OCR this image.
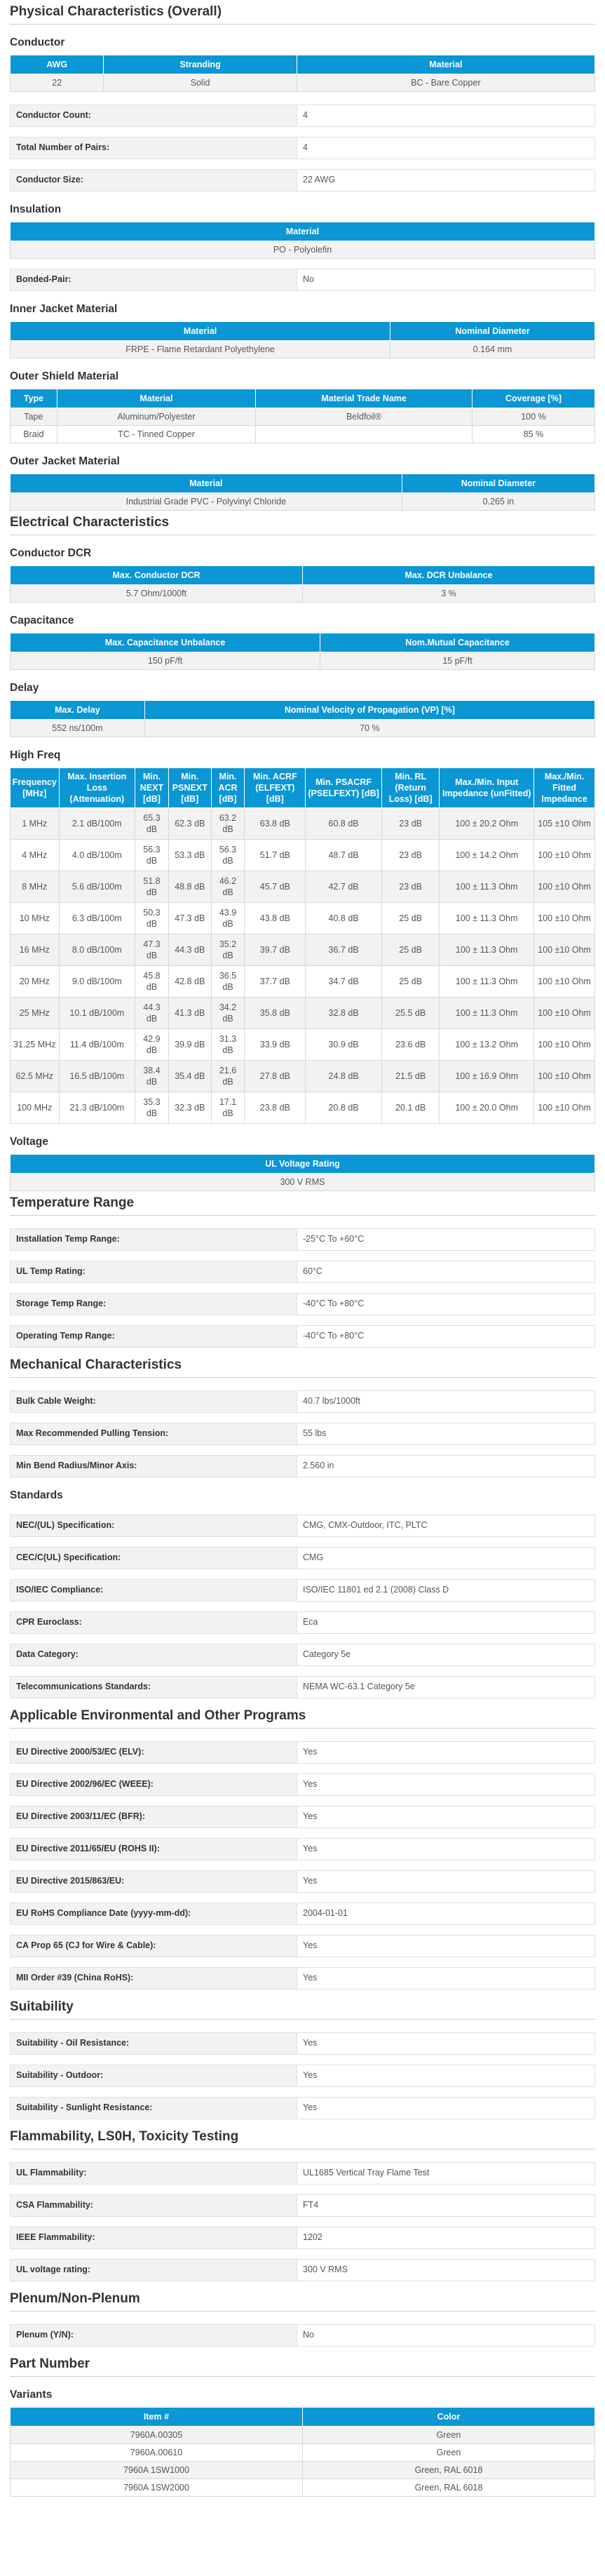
Physical Characteristics (Overall)
Conductor
AWG	Stranding	Material
22	Solid	BC - Bare Copper
Conductor Count:	4
Total Number of Pairs:	4
Conductor Size:	22 AWG
Insulation
Material
PO - Polyolefin
Bonded-Pair:	No
Inner Jacket Material
Material	Nominal Diameter
FRPE - Flame Retardant Polyethylene	0.164 mm
Outer Shield Material
Type	Material	Material Trade Name	Coverage [%]
Tape	Aluminum/Polyester	Beldfoil®	100 %
Braid	TC - Tinned Copper		85 %
Outer Jacket Material
Material	Nominal Diameter
Industrial Grade PVC - Polyvinyl Chloride	0.265 in
Electrical Characteristics
Conductor DCR
Max. Conductor DCR	Max. DCR Unbalance
5.7 Ohm/1000ft	3 %
Capacitance
Max. Capacitance Unbalance	Nom.Mutual Capacitance
150 pF/ft	15 pF/ft
Delay
Max. Delay	Nominal Velocity of Propagation (VP) [%]
552 ns/100m	70 %
High Freq
Frequency [MHz]	Max. Insertion Loss (Attenuation)	Min. NEXT [dB]	Min. PSNEXT [dB]	Min. ACR [dB]	Min. ACRF (ELFEXT) [dB]	Min. PSACRF (PSELFEXT) [dB]	Min. RL (Return Loss) [dB]	Max./Min. Input Impedance (unFitted)	Max./Min. Fitted Impedance
1 MHz	2.1 dB/100m	65.3 dB	62.3 dB	63.2 dB	63.8 dB	60.8 dB	23 dB	100 ± 20.2 Ohm	105 ±10 Ohm
4 MHz	4.0 dB/100m	56.3 dB	53.3 dB	56.3 dB	51.7 dB	48.7 dB	23 dB	100 ± 14.2 Ohm	100 ±10 Ohm
8 MHz	5.6 dB/100m	51.8 dB	48.8 dB	46.2 dB	45.7 dB	42.7 dB	23 dB	100 ± 11.3 Ohm	100 ±10 Ohm
10 MHz	6.3 dB/100m	50.3 dB	47.3 dB	43.9 dB	43.8 dB	40.8 dB	25 dB	100 ± 11.3 Ohm	100 ±10 Ohm
16 MHz	8.0 dB/100m	47.3 dB	44.3 dB	35.2 dB	39.7 dB	36.7 dB	25 dB	100 ± 11.3 Ohm	100 ±10 Ohm
20 MHz	9.0 dB/100m	45.8 dB	42.8 dB	36.5 dB	37.7 dB	34.7 dB	25 dB	100 ± 11.3 Ohm	100 ±10 Ohm
25 MHz	10.1 dB/100m	44.3 dB	41.3 dB	34.2 dB	35.8 dB	32.8 dB	25.5 dB	100 ± 11.3 Ohm	100 ±10 Ohm
31.25 MHz	11.4 dB/100m	42.9 dB	39.9 dB	31.3 dB	33.9 dB	30.9 dB	23.6 dB	100 ± 13.2 Ohm	100 ±10 Ohm
62.5 MHz	16.5 dB/100m	38.4 dB	35.4 dB	21.6 dB	27.8 dB	24.8 dB	21.5 dB	100 ± 16.9 Ohm	100 ±10 Ohm
100 MHz	21.3 dB/100m	35.3 dB	32.3 dB	17.1 dB	23.8 dB	20.8 dB	20.1 dB	100 ± 20.0 Ohm	100 ±10 Ohm
Voltage
UL Voltage Rating
300 V RMS
Temperature Range
Installation Temp Range:	-25°C To +60°C
UL Temp Rating:	60°C
Storage Temp Range:	-40°C To +80°C
Operating Temp Range:	-40°C To +80°C
Mechanical Characteristics
Bulk Cable Weight:	40.7 lbs/1000ft
Max Recommended Pulling Tension:	55 lbs
Min Bend Radius/Minor Axis:	2.560 in
Standards
NEC/(UL) Specification:	CMG, CMX-Outdoor, ITC, PLTC
CEC/C(UL) Specification:	CMG
ISO/IEC Compliance:	ISO/IEC 11801 ed 2.1 (2008) Class D
CPR Euroclass:	Eca
Data Category:	Category 5e
Telecommunications Standards:	NEMA WC-63.1 Category 5e
Applicable Environmental and Other Programs
EU Directive 2000/53/EC (ELV):	Yes
EU Directive 2002/96/EC (WEEE):	Yes
EU Directive 2003/11/EC (BFR):	Yes
EU Directive 2011/65/EU (ROHS II):	Yes
EU Directive 2015/863/EU:	Yes
EU RoHS Compliance Date (yyyy-mm-dd):	2004-01-01
CA Prop 65 (CJ for Wire & Cable):	Yes
MII Order #39 (China RoHS):	Yes
Suitability
Suitability - Oil Resistance:	Yes
Suitability - Outdoor:	Yes
Suitability - Sunlight Resistance:	Yes
Flammability, LS0H, Toxicity Testing
UL Flammability:	UL1685 Vertical Tray Flame Test
CSA Flammability:	FT4
IEEE Flammability:	1202
UL voltage rating:	300 V RMS
Plenum/Non-Plenum
Plenum (Y/N):	No
Part Number
Variants
Item #	Color
7960A.00305	Green
7960A.00610	Green
7960A 1SW1000	Green, RAL 6018
7960A 1SW2000	Green, RAL 6018
